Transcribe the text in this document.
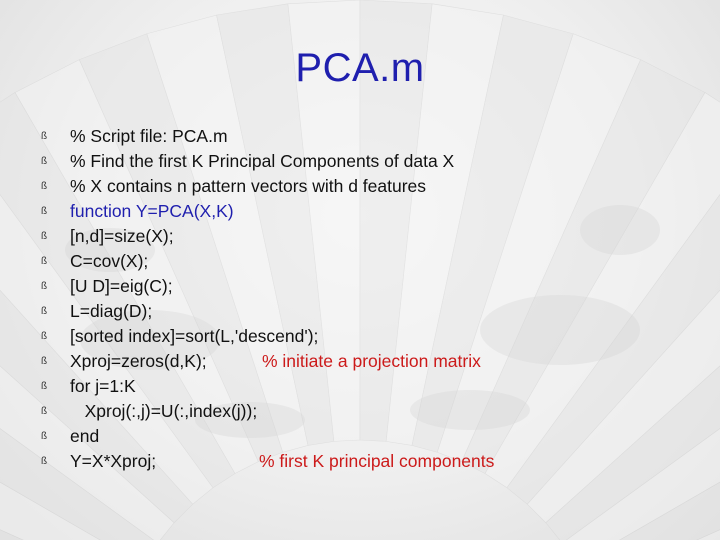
PCA.m
ß % Script file: PCA.m
ß % Find the first K Principal Components of data X
ß % X contains n pattern vectors with d features
ß function Y=PCA(X,K)
ß [n,d]=size(X);
ß C=cov(X);
ß [U D]=eig(C);
ß L=diag(D);
ß [sorted index]=sort(L,'descend');
ß Xproj=zeros(d,K);	% initiate a projection matrix
ß for j=1:K
ß Xproj(:,j)=U(:,index(j));
ß end
ß Y=X*Xproj;	% first K principal components
